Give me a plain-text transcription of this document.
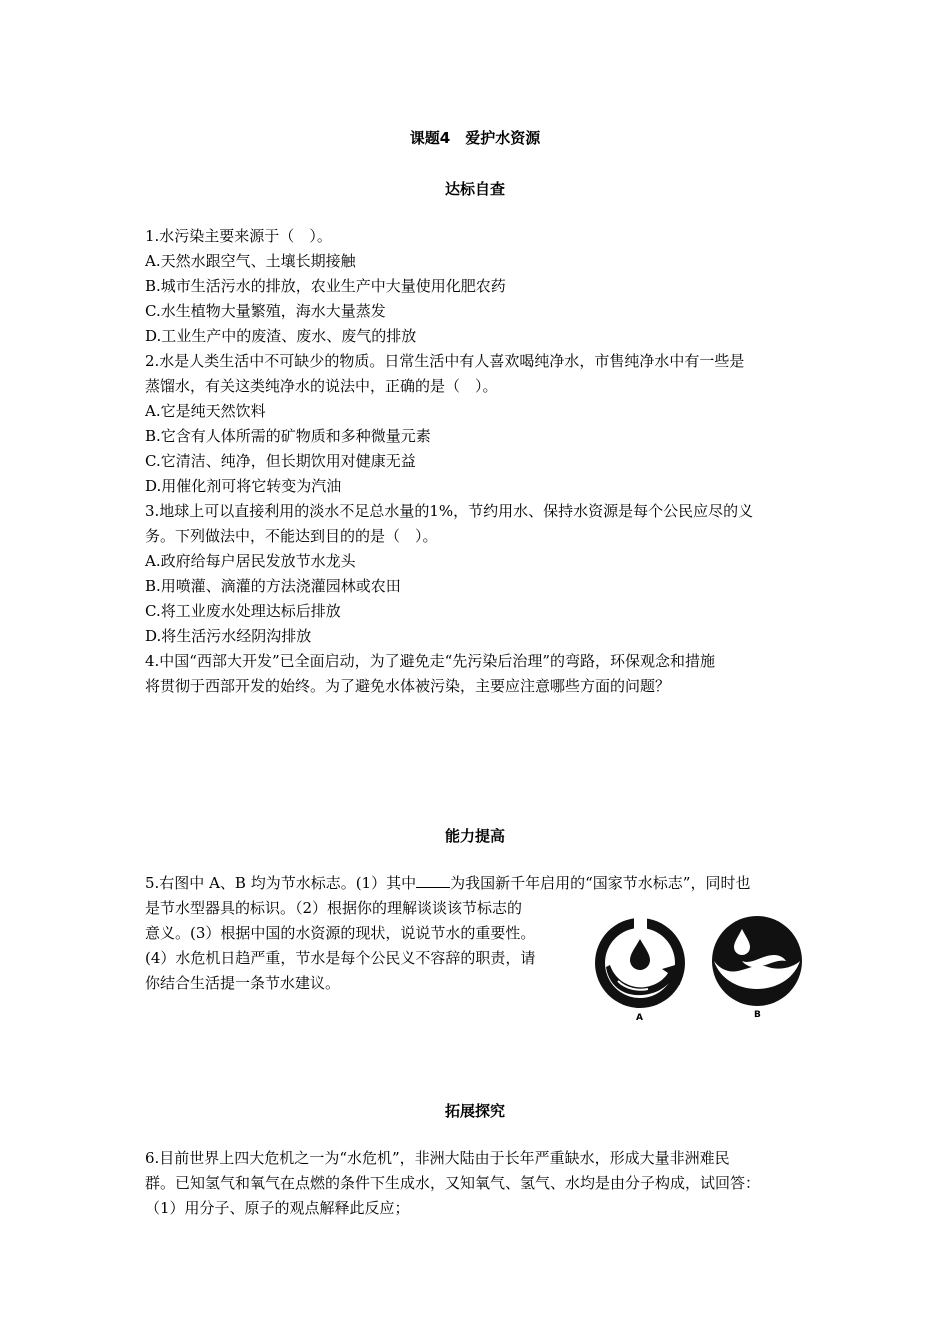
课题4　爱护水资源
达标自查

1.水污染主要来源于（　）。

A.天然水跟空气、土壤长期接触

B.城市生活污水的排放，农业生产中大量使用化肥农药

C.水生植物大量繁殖，海水大量蒸发

D.工业生产中的废渣、废水、废气的排放

2.水是人类生活中不可缺少的物质。日常生活中有人喜欢喝纯净水，市售纯净水中有一些是

蒸馏水，有关这类纯净水的说法中，正确的是（　）。

A.它是纯天然饮料

B.它含有人体所需的矿物质和多种微量元素

C.它清洁、纯净，但长期饮用对健康无益

D.用催化剂可将它转变为汽油

3.地球上可以直接利用的淡水不足总水量的1%，节约用水、保持水资源是每个公民应尽的义

务。下列做法中，不能达到目的的是（　）。

A.政府给每户居民发放节水龙头

B.用喷灌、滴灌的方法浇灌园林或农田

C.将工业废水处理达标后排放

D.将生活污水经阴沟排放

4.中国“西部大开发”已全面启动，为了避免走“先污染后治理”的弯路，环保观念和措施

将贯彻于西部开发的始终。为了避免水体被污染，主要应注意哪些方面的问题？

能力提高

5.右图中 A、B 均为节水标志。(1）其中 为我国新千年启用的“国家节水标志”，同时也

是节水型器具的标识。（2）根据你的理解谈谈该节标志的

意义。(3）根据中国的水资源的现状，说说节水的重要性。

(4）水危机日趋严重，节水是每个公民义不容辞的职责，请

你结合生活提一条节水建议。

A	B
拓展探究

6.目前世界上四大危机之一为“水危机”，非洲大陆由于长年严重缺水，形成大量非洲难民

群。已知氢气和氧气在点燃的条件下生成水，又知氧气、氢气、水均是由分子构成，试回答：

（1）用分子、原子的观点解释此反应；
